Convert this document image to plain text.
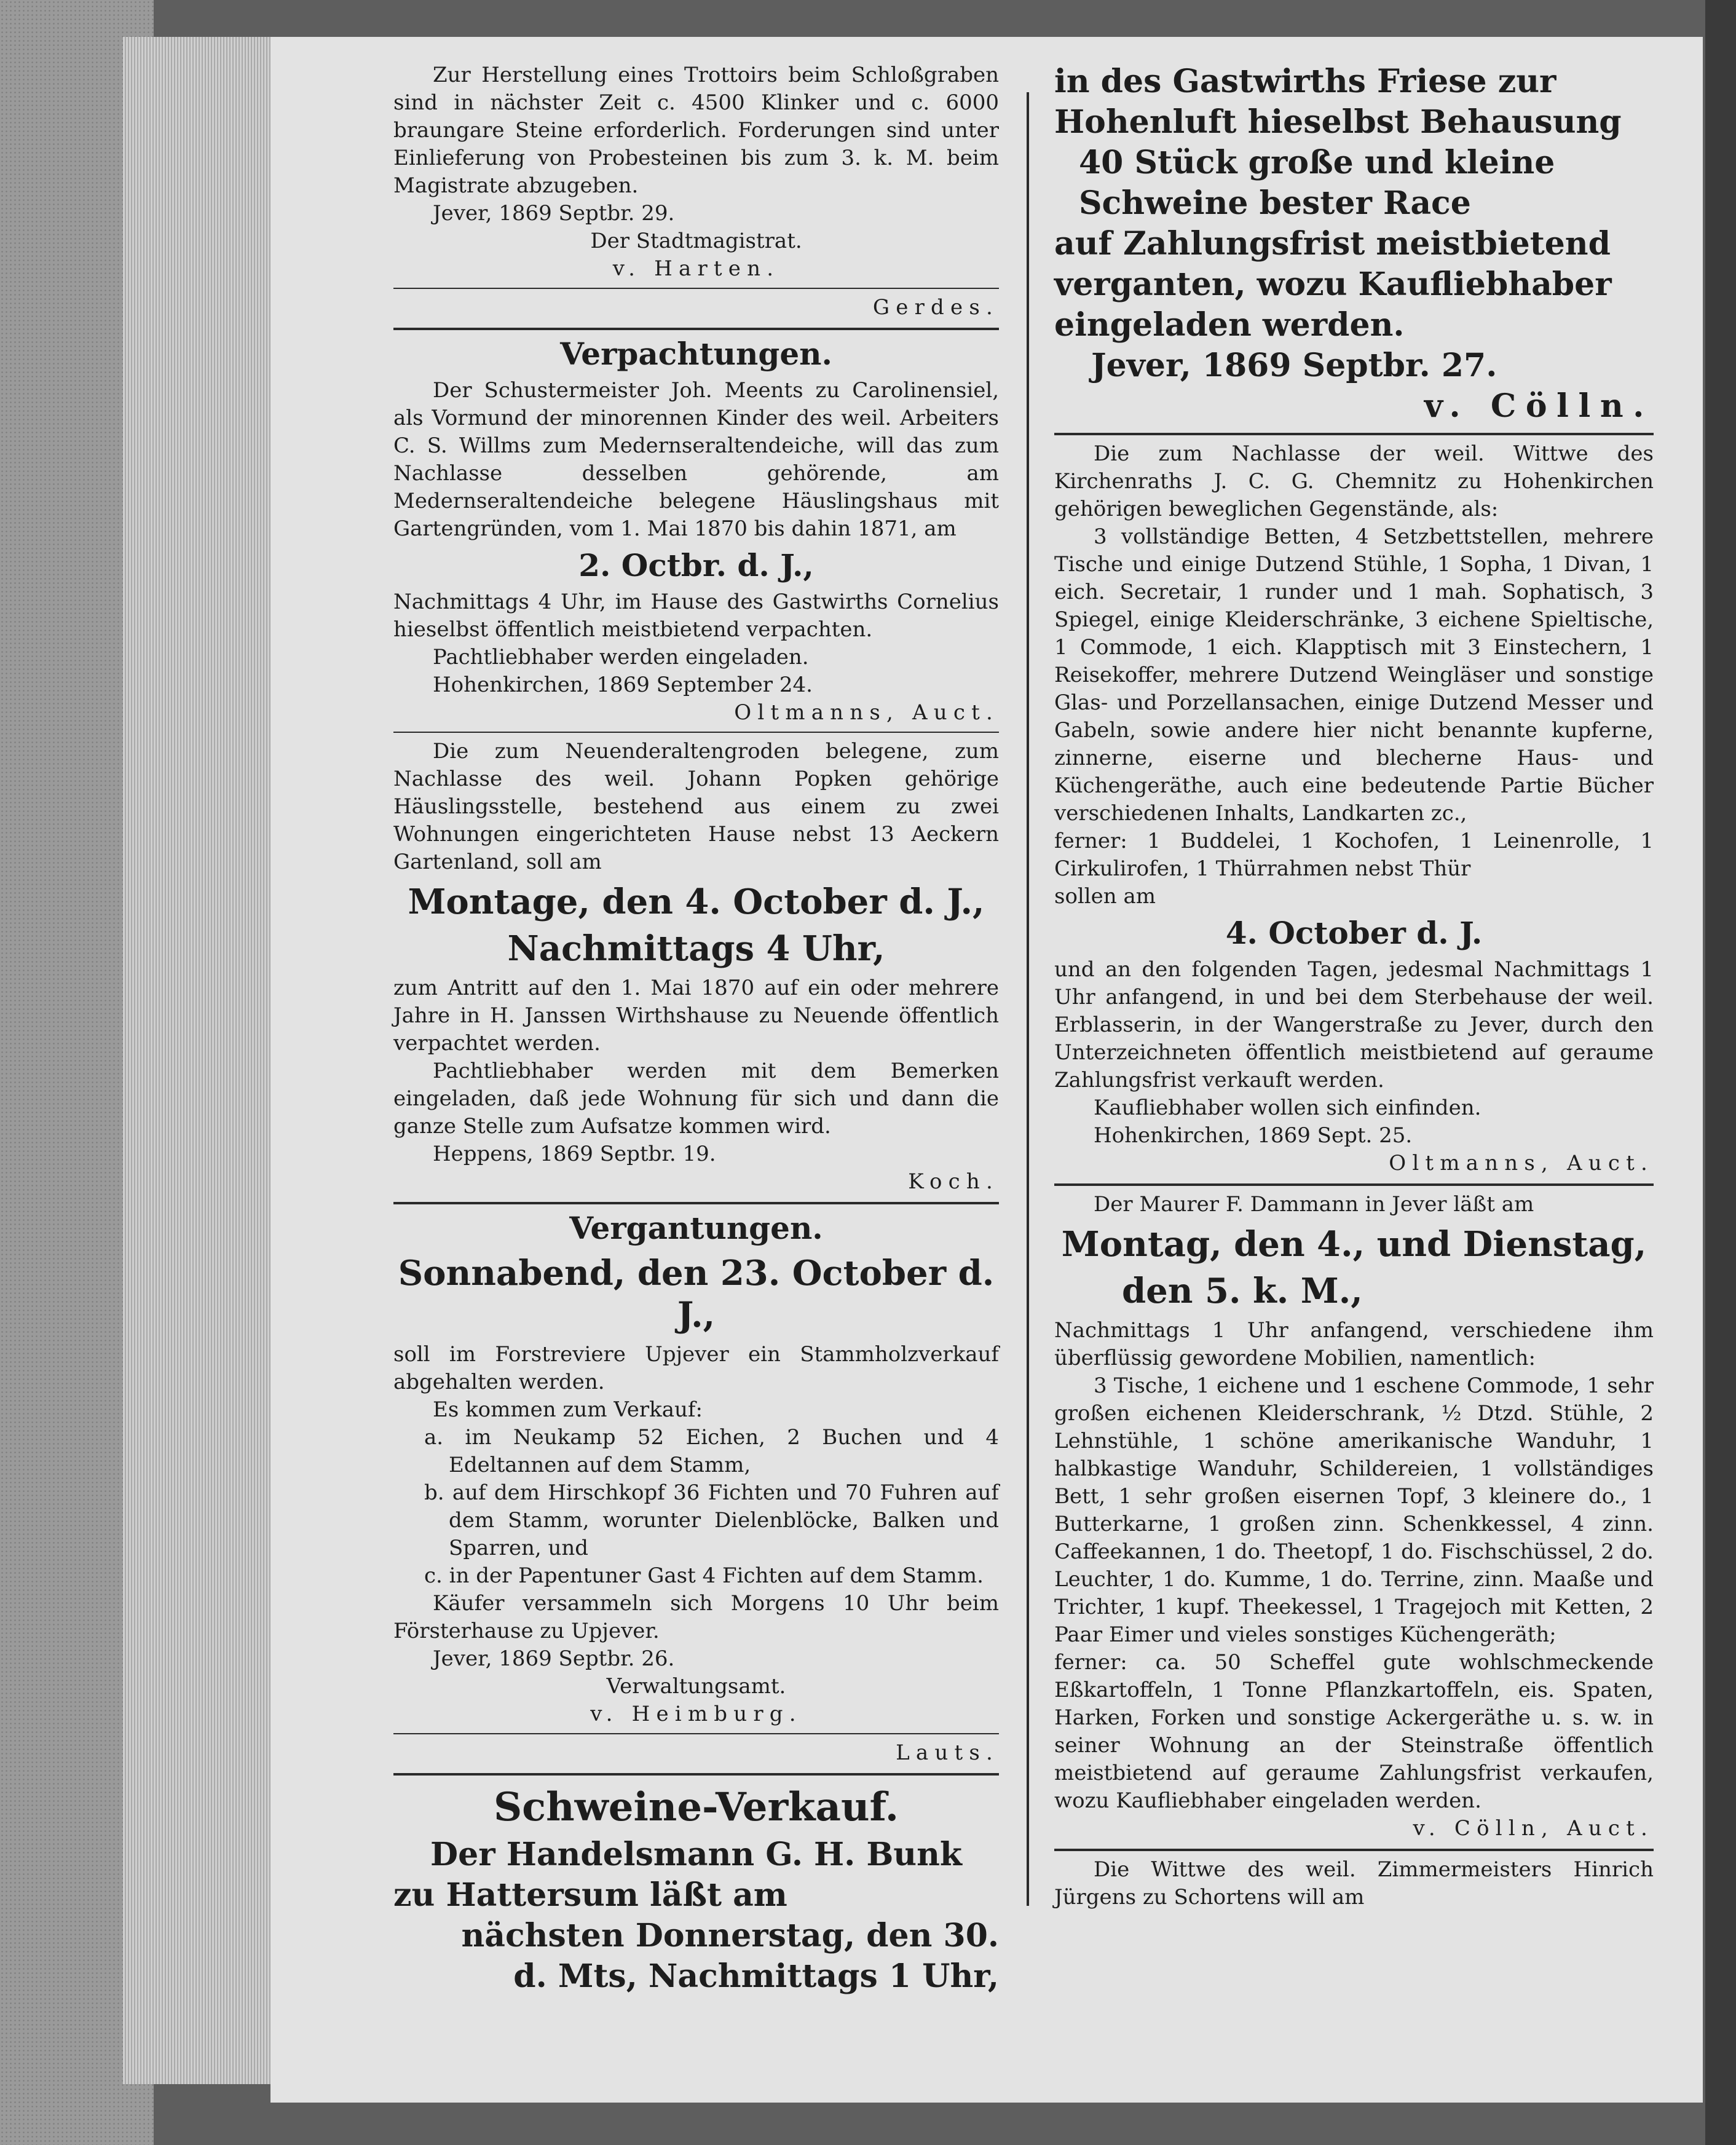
Zur Herstellung eines Trottoirs beim Schloßgraben sind in nächster Zeit c. 4500 Klinker und c. 6000 braungare Steine erforderlich. Forderungen sind unter Einlieferung von Probesteinen bis zum 3. k. M. beim Magistrate abzugeben.

Jever, 1869 Septbr. 29.

Der Stadtmagistrat.

v. Harten.

Gerdes.

Verpachtungen.

Der Schustermeister Joh. Meents zu Carolinensiel, als Vormund der minorennen Kinder des weil. Arbeiters C. S. Willms zum Medernseraltendeiche, will das zum Nachlasse desselben gehörende, am Medernseraltendeiche belegene Häuslingshaus mit Gartengründen, vom 1. Mai 1870 bis dahin 1871, am

2. Octbr. d. J.,

Nachmittags 4 Uhr, im Hause des Gastwirths Cornelius hieselbst öffentlich meistbietend verpachten.

Pachtliebhaber werden eingeladen.

Hohenkirchen, 1869 September 24.

Oltmanns, Auct.

Die zum Neuenderaltengroden belegene, zum Nachlasse des weil. Johann Popken gehörige Häuslingsstelle, bestehend aus einem zu zwei Wohnungen eingerichteten Hause nebst 13 Aeckern Gartenland, soll am

Montage, den 4. October d. J.,
Nachmittags 4 Uhr,

zum Antritt auf den 1. Mai 1870 auf ein oder mehrere Jahre in H. Janssen Wirthshause zu Neuende öffentlich verpachtet werden.

Pachtliebhaber werden mit dem Bemerken eingeladen, daß jede Wohnung für sich und dann die ganze Stelle zum Aufsatze kommen wird.

Heppens, 1869 Septbr. 19.

Koch.

Vergantungen.
Sonnabend, den 23. October d. J.,

soll im Forstreviere Upjever ein Stammholzverkauf abgehalten werden.

Es kommen zum Verkauf:

a. im Neukamp 52 Eichen, 2 Buchen und 4 Edeltannen auf dem Stamm,

b. auf dem Hirschkopf 36 Fichten und 70 Fuhren auf dem Stamm, worunter Dielenblöcke, Balken und Sparren, und

c. in der Papentuner Gast 4 Fichten auf dem Stamm.

Käufer versammeln sich Morgens 10 Uhr beim Försterhause zu Upjever.

Jever, 1869 Septbr. 26.

Verwaltungsamt.

v. Heimburg.

Lauts.

Schweine-Verkauf.
Der Handelsmann G. H. Bunk
zu Hattersum läßt am
nächsten Donnerstag, den 30.
d. Mts, Nachmittags 1 Uhr,
in des Gastwirths Friese zur Hohenluft hieselbst Behausung
40 Stück große und kleine Schweine bester Race
auf Zahlungsfrist meistbietend verganten, wozu Kaufliebhaber eingeladen werden.
Jever, 1869 Septbr. 27.
v. Cölln.

Die zum Nachlasse der weil. Wittwe des Kirchenraths J. C. G. Chemnitz zu Hohenkirchen gehörigen beweglichen Gegenstände, als:

3 vollständige Betten, 4 Setzbettstellen, mehrere Tische und einige Dutzend Stühle, 1 Sopha, 1 Divan, 1 eich. Secretair, 1 runder und 1 mah. Sophatisch, 3 Spiegel, einige Kleiderschränke, 3 eichene Spieltische, 1 Commode, 1 eich. Klapptisch mit 3 Einstechern, 1 Reisekoffer, mehrere Dutzend Weingläser und sonstige Glas- und Porzellansachen, einige Dutzend Messer und Gabeln, sowie andere hier nicht benannte kupferne, zinnerne, eiserne und blecherne Haus- und Küchengeräthe, auch eine bedeutende Partie Bücher verschiedenen Inhalts, Landkarten zc.,

ferner: 1 Buddelei, 1 Kochofen, 1 Leinenrolle, 1 Cirkulirofen, 1 Thürrahmen nebst Thür

sollen am

4. October d. J.

und an den folgenden Tagen, jedesmal Nachmittags 1 Uhr anfangend, in und bei dem Sterbehause der weil. Erblasserin, in der Wangerstraße zu Jever, durch den Unterzeichneten öffentlich meistbietend auf geraume Zahlungsfrist verkauft werden.

Kaufliebhaber wollen sich einfinden.

Hohenkirchen, 1869 Sept. 25.

Oltmanns, Auct.

Der Maurer F. Dammann in Jever läßt am

Montag, den 4., und Dienstag,
den 5. k. M.,

Nachmittags 1 Uhr anfangend, verschiedene ihm überflüssig gewordene Mobilien, namentlich:

3 Tische, 1 eichene und 1 eschene Commode, 1 sehr großen eichenen Kleiderschrank, ½ Dtzd. Stühle, 2 Lehnstühle, 1 schöne amerikanische Wanduhr, 1 halbkastige Wanduhr, Schildereien, 1 vollständiges Bett, 1 sehr großen eisernen Topf, 3 kleinere do., 1 Butterkarne, 1 großen zinn. Schenkkessel, 4 zinn. Caffeekannen, 1 do. Theetopf, 1 do. Fischschüssel, 2 do. Leuchter, 1 do. Kumme, 1 do. Terrine, zinn. Maaße und Trichter, 1 kupf. Theekessel, 1 Tragejoch mit Ketten, 2 Paar Eimer und vieles sonstiges Küchengeräth;

ferner: ca. 50 Scheffel gute wohlschmeckende Eßkartoffeln, 1 Tonne Pflanzkartoffeln, eis. Spaten, Harken, Forken und sonstige Ackergeräthe u. s. w. in seiner Wohnung an der Steinstraße öffentlich meistbietend auf geraume Zahlungsfrist verkaufen, wozu Kaufliebhaber eingeladen werden.

v. Cölln, Auct.

Die Wittwe des weil. Zimmermeisters Hinrich Jürgens zu Schortens will am
